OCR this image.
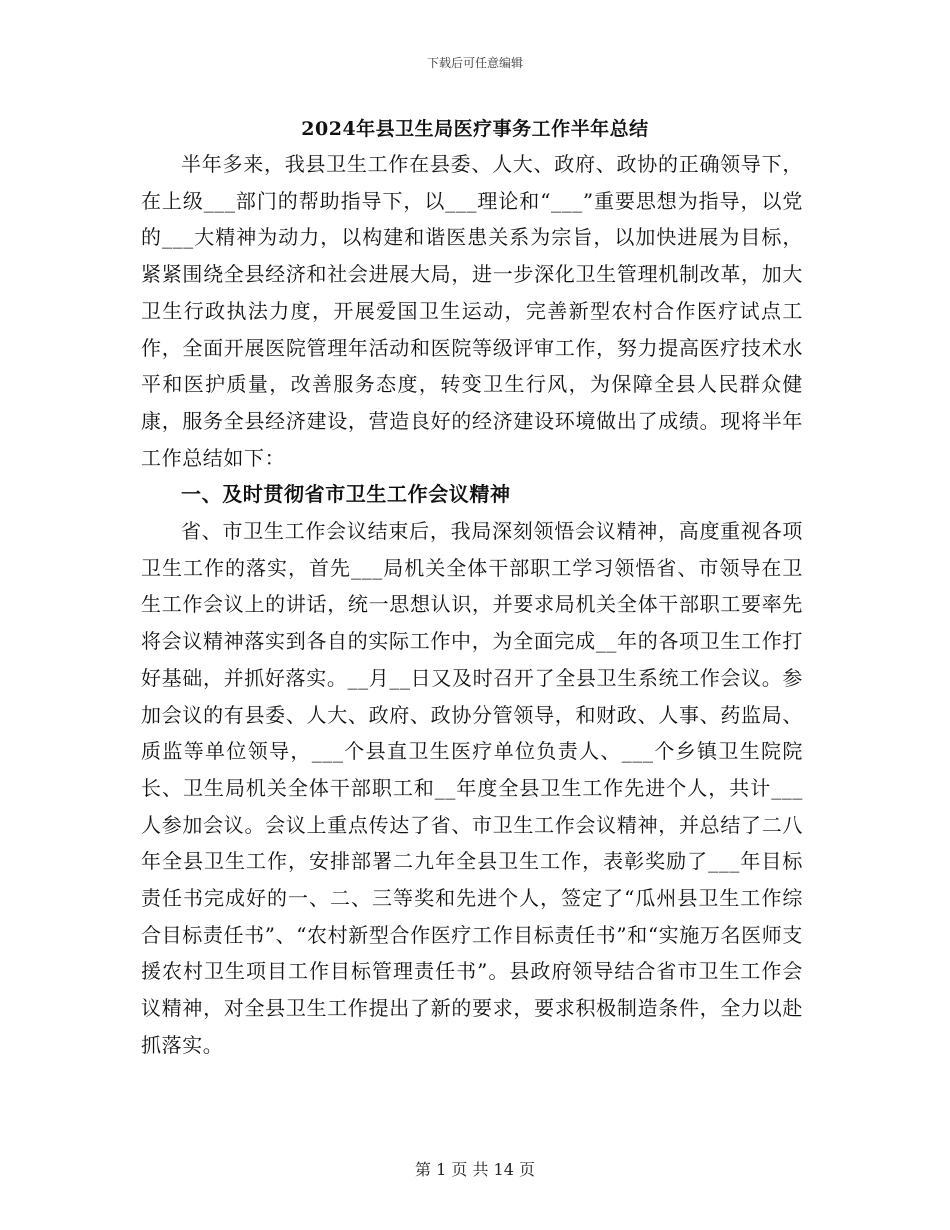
下载后可任意编辑
2024年县卫生局医疗事务工作半年总结

半年多来，我县卫生工作在县委、人大、政府、政协的正确领导下，在上级___部门的帮助指导下，以___理论和“___”重要思想为指导，以党的___大精神为动力，以构建和谐医患关系为宗旨，以加快进展为目标，紧紧围绕全县经济和社会进展大局，进一步深化卫生管理机制改革，加大卫生行政执法力度，开展爱国卫生运动，完善新型农村合作医疗试点工作，全面开展医院管理年活动和医院等级评审工作，努力提高医疗技术水平和医护质量，改善服务态度，转变卫生行风，为保障全县人民群众健康，服务全县经济建设，营造良好的经济建设环境做出了成绩。现将半年工作总结如下：

一、及时贯彻省市卫生工作会议精神

省、市卫生工作会议结束后，我局深刻领悟会议精神，高度重视各项卫生工作的落实，首先___局机关全体干部职工学习领悟省、市领导在卫生工作会议上的讲话，统一思想认识，并要求局机关全体干部职工要率先将会议精神落实到各自的实际工作中，为全面完成__年的各项卫生工作打好基础，并抓好落实。__月__日又及时召开了全县卫生系统工作会议。参加会议的有县委、人大、政府、政协分管领导，和财政、人事、药监局、质监等单位领导，___个县直卫生医疗单位负责人、___个乡镇卫生院院长、卫生局机关全体干部职工和__年度全县卫生工作先进个人，共计___人参加会议。会议上重点传达了省、市卫生工作会议精神，并总结了二八年全县卫生工作，安排部署二九年全县卫生工作，表彰奖励了___年目标责任书完成好的一、二、三等奖和先进个人，签定了“瓜州县卫生工作综合目标责任书”、“农村新型合作医疗工作目标责任书”和“实施万名医师支援农村卫生项目工作目标管理责任书”。县政府领导结合省市卫生工作会议精神，对全县卫生工作提出了新的要求，要求积极制造条件，全力以赴抓落实。

第 1 页 共 14 页
